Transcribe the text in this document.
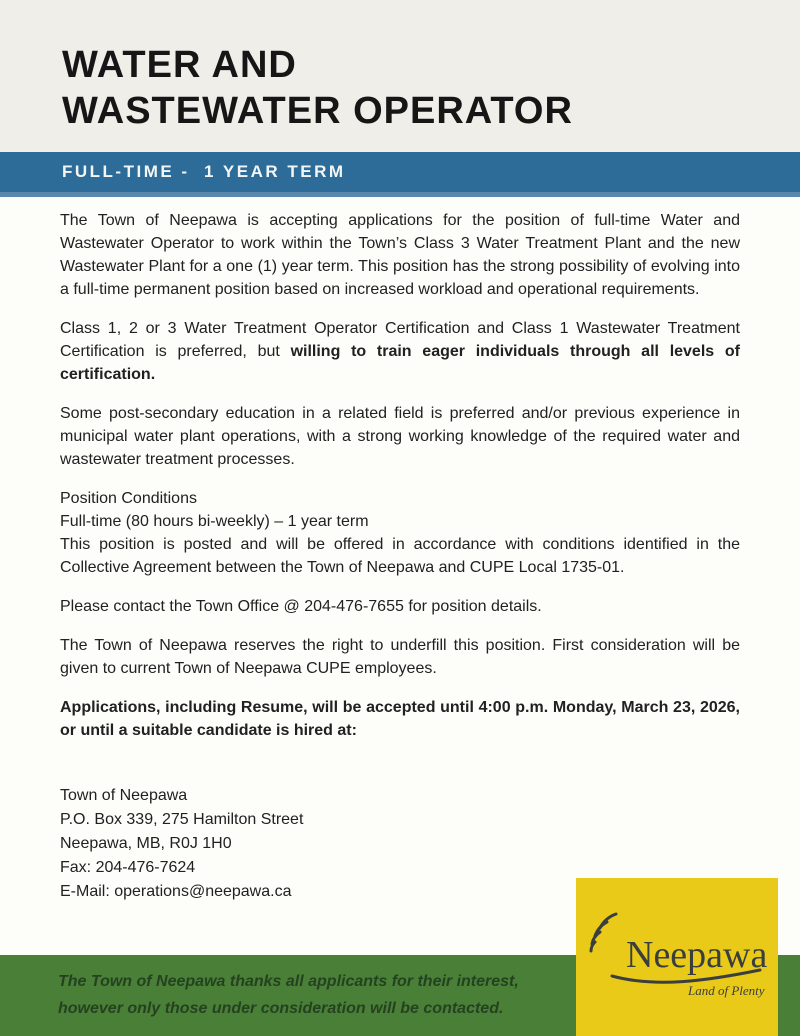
WATER AND
WASTEWATER OPERATOR
FULL-TIME -  1 YEAR TERM

The Town of Neepawa is accepting applications for the position of full-time Water and Wastewater Operator to work within the Town’s Class 3 Water Treatment Plant and the new Wastewater Plant for a one (1) year term. This position has the strong possibility of evolving into a full-time permanent position based on increased workload and operational requirements.

Class 1, 2 or 3 Water Treatment Operator Certification and Class 1 Wastewater Treatment Certification is preferred, but willing to train eager individuals through all levels of certification.

Some post-secondary education in a related field is preferred and/or previous experience in municipal water plant operations, with a strong working knowledge of the required water and wastewater treatment processes.

Position Conditions

Full-time (80 hours bi-weekly) – 1 year term

This position is posted and will be offered in accordance with conditions identified in the Collective Agreement between the Town of Neepawa and CUPE Local 1735-01.

Please contact the Town Office @ 204-476-7655 for position details.

The Town of Neepawa reserves the right to underfill this position. First consideration will be given to current Town of Neepawa CUPE employees.

Applications, including Resume, will be accepted until 4:00 p.m. Monday, March 23, 2026, or until a suitable candidate is hired at:

Town of Neepawa
P.O. Box 339, 275 Hamilton Street
Neepawa, MB, R0J 1H0
Fax: 204-476-7624
E-Mail: operations@neepawa.ca
The Town of Neepawa thanks all applicants for their interest,
however only those under consideration will be contacted.
Neepawa
Land of Plenty
